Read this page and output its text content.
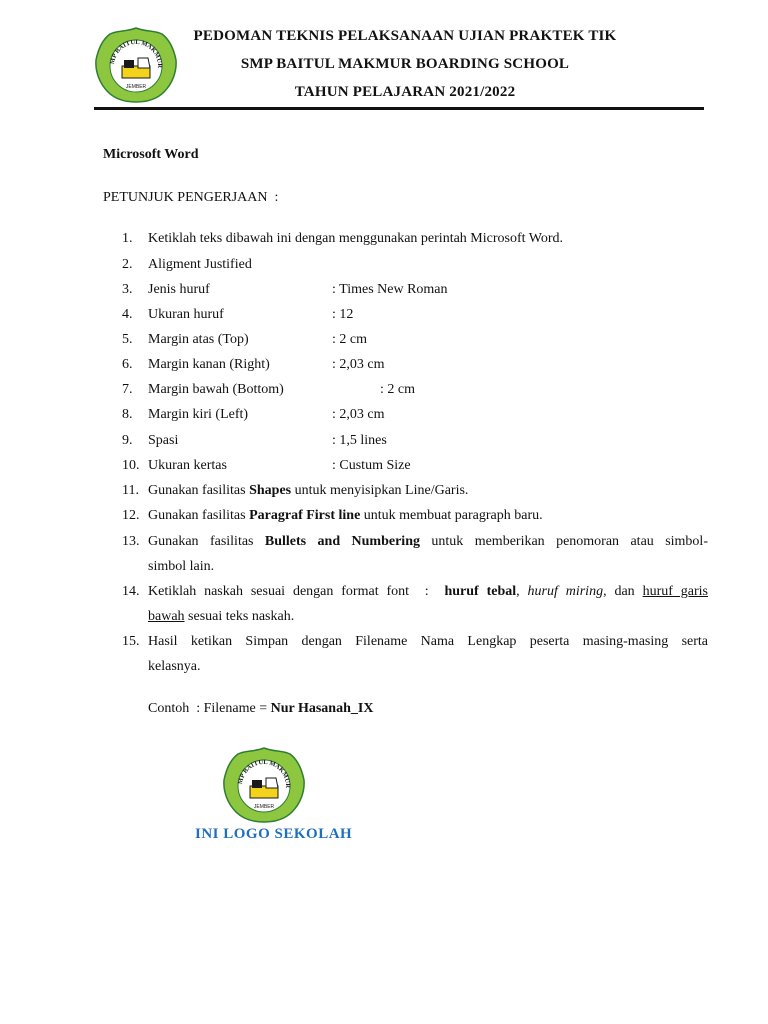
MP BAITUL MAKMUR
JEMBER
PEDOMAN TEKNIS PELAKSANAAN UJIAN PRAKTEK TIK
SMP BAITUL MAKMUR BOARDING SCHOOL
TAHUN PELAJARAN 2021/2022
Microsoft Word
PETUNJUK PENGERJAAN  :
1. Ketiklah teks dibawah ini dengan menggunakan perintah Microsoft Word.
2. Aligment Justified
3. Jenis huruf	: Times New Roman
4. Ukuran huruf	: 12
5. Margin atas (Top)	: 2 cm
6. Margin kanan (Right)	: 2,03 cm
7. Margin bawah (Bottom)	: 2 cm
8. Margin kiri (Left)	: 2,03 cm
9. Spasi	: 1,5 lines
10. Ukuran kertas	: Custum Size
11. Gunakan fasilitas Shapes untuk menyisipkan Line/Garis.
12. Gunakan fasilitas Paragraf First line untuk membuat paragraph baru.
13. Gunakan fasilitas Bullets and Numbering untuk memberikan penomoran atau simbol-
simbol lain.
14. Ketiklah naskah sesuai dengan format font  :  huruf tebal, huruf miring, dan huruf garis
bawah sesuai teks naskah.
15. Hasil ketikan Simpan dengan Filename Nama Lengkap peserta masing-masing serta
kelasnya.
Contoh  : Filename = Nur Hasanah_IX
MP BAITUL MAKMUR
JEMBER
INI LOGO SEKOLAH
